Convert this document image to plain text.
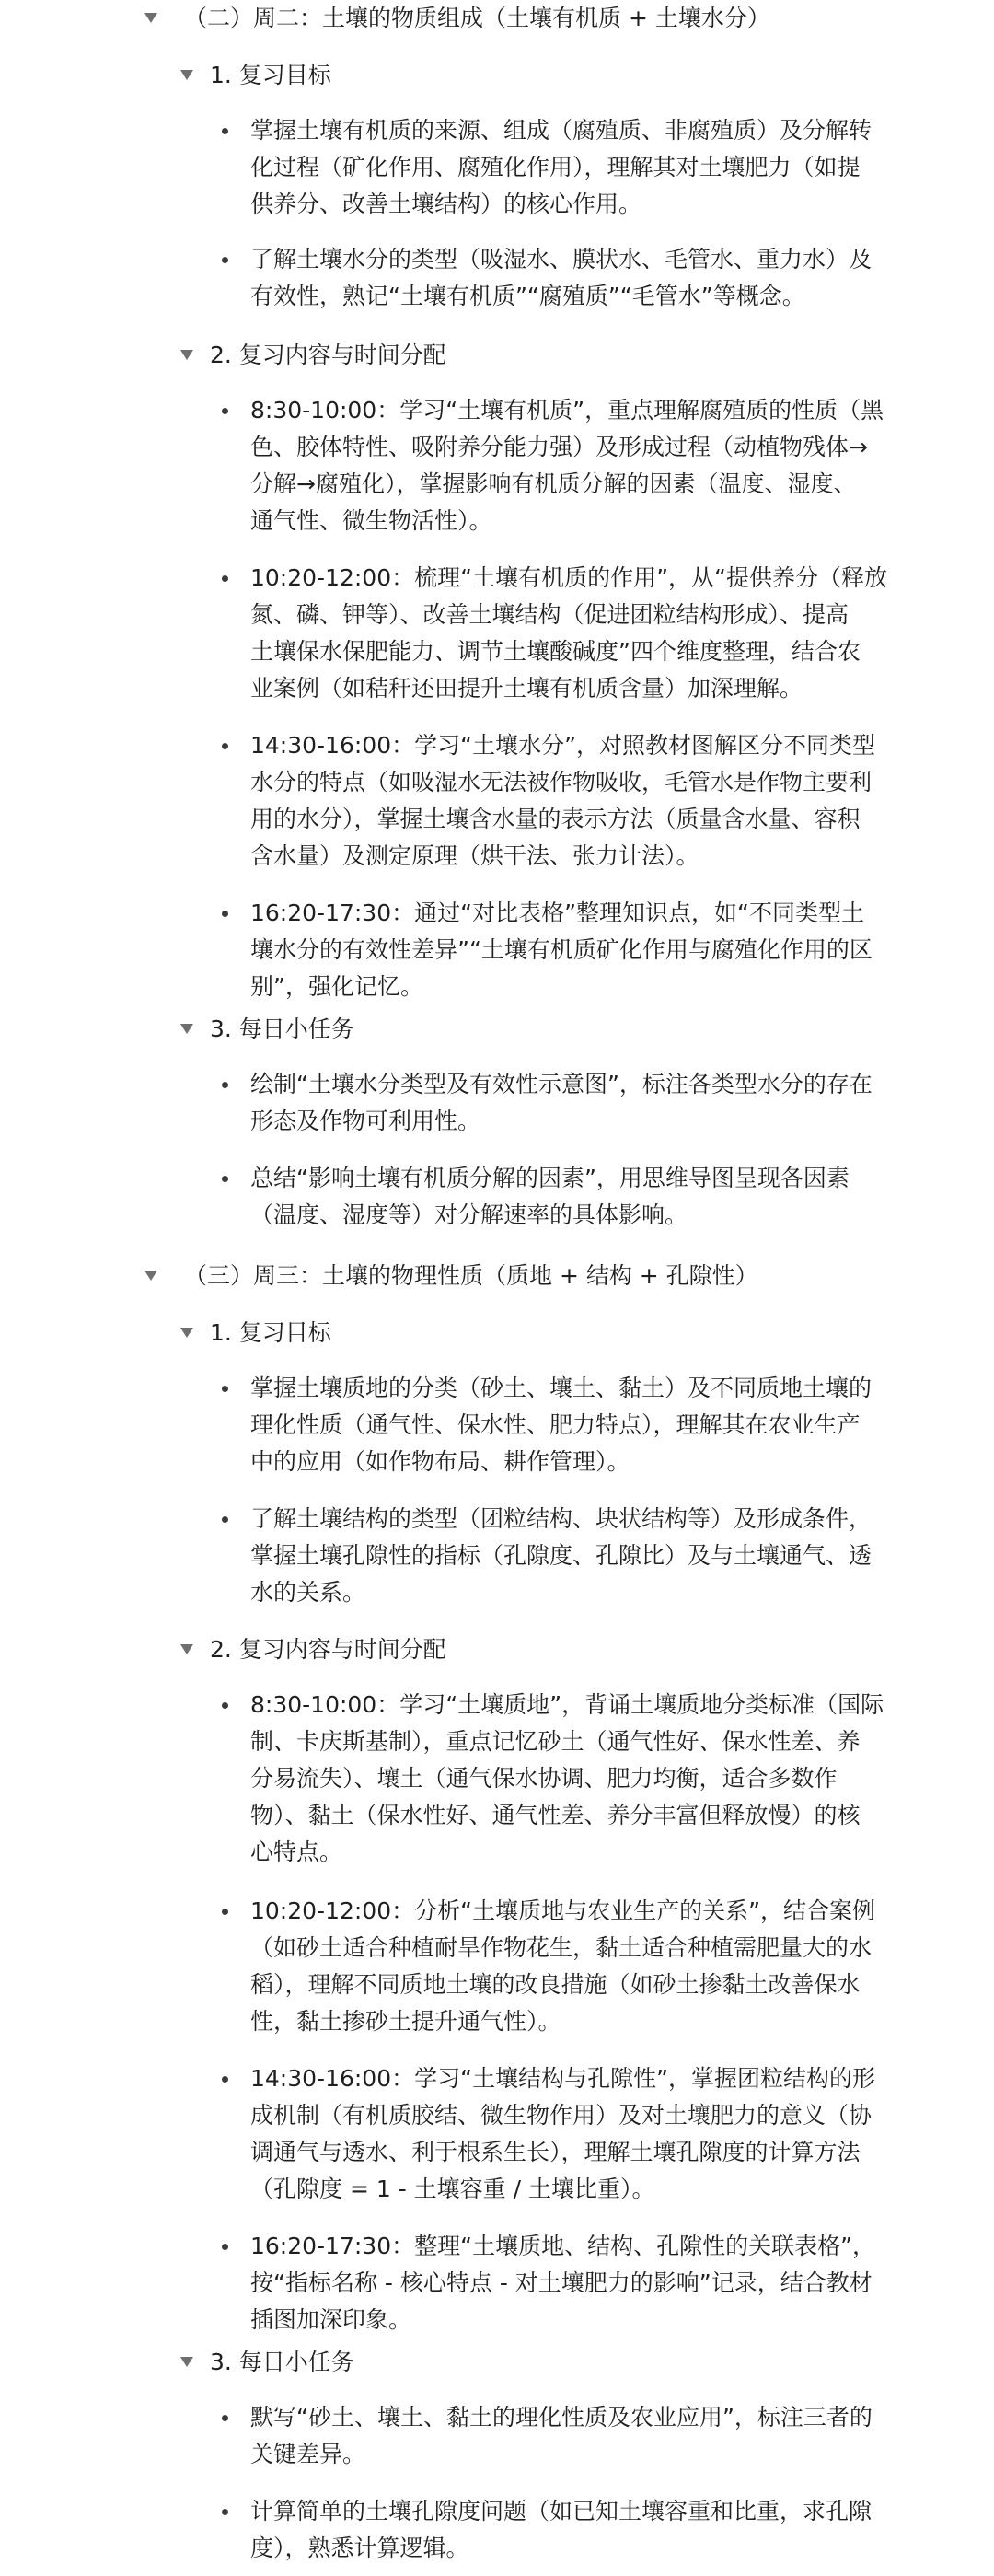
（二）周二：土壤的物质组成（土壤有机质 + 土壤水分）
1. 复习目标
掌握土壤有机质的来源、组成（腐殖质、非腐殖质）及分解转
化过程（矿化作用、腐殖化作用），理解其对土壤肥力（如提
供养分、改善土壤结构）的核心作用。
了解土壤水分的类型（吸湿水、膜状水、毛管水、重力水）及
有效性，熟记“土壤有机质”“腐殖质”“毛管水”等概念。
2. 复习内容与时间分配
8:30-10:00：学习“土壤有机质”，重点理解腐殖质的性质（黑
色、胶体特性、吸附养分能力强）及形成过程（动植物残体→
分解→腐殖化），掌握影响有机质分解的因素（温度、湿度、
通气性、微生物活性）。
10:20-12:00：梳理“土壤有机质的作用”，从“提供养分（释放
氮、磷、钾等）、改善土壤结构（促进团粒结构形成）、提高
土壤保水保肥能力、调节土壤酸碱度”四个维度整理，结合农
业案例（如秸秆还田提升土壤有机质含量）加深理解。
14:30-16:00：学习“土壤水分”，对照教材图解区分不同类型
水分的特点（如吸湿水无法被作物吸收，毛管水是作物主要利
用的水分），掌握土壤含水量的表示方法（质量含水量、容积
含水量）及测定原理（烘干法、张力计法）。
16:20-17:30：通过“对比表格”整理知识点，如“不同类型土
壤水分的有效性差异”“土壤有机质矿化作用与腐殖化作用的区
别”，强化记忆。
3. 每日小任务
绘制“土壤水分类型及有效性示意图”，标注各类型水分的存在
形态及作物可利用性。
总结“影响土壤有机质分解的因素”，用思维导图呈现各因素
（温度、湿度等）对分解速率的具体影响。
（三）周三：土壤的物理性质（质地 + 结构 + 孔隙性）
1. 复习目标
掌握土壤质地的分类（砂土、壤土、黏土）及不同质地土壤的
理化性质（通气性、保水性、肥力特点），理解其在农业生产
中的应用（如作物布局、耕作管理）。
了解土壤结构的类型（团粒结构、块状结构等）及形成条件，
掌握土壤孔隙性的指标（孔隙度、孔隙比）及与土壤通气、透
水的关系。
2. 复习内容与时间分配
8:30-10:00：学习“土壤质地”，背诵土壤质地分类标准（国际
制、卡庆斯基制），重点记忆砂土（通气性好、保水性差、养
分易流失）、壤土（通气保水协调、肥力均衡，适合多数作
物）、黏土（保水性好、通气性差、养分丰富但释放慢）的核
心特点。
10:20-12:00：分析“土壤质地与农业生产的关系”，结合案例
（如砂土适合种植耐旱作物花生，黏土适合种植需肥量大的水
稻），理解不同质地土壤的改良措施（如砂土掺黏土改善保水
性，黏土掺砂土提升通气性）。
14:30-16:00：学习“土壤结构与孔隙性”，掌握团粒结构的形
成机制（有机质胶结、微生物作用）及对土壤肥力的意义（协
调通气与透水、利于根系生长），理解土壤孔隙度的计算方法
（孔隙度 = 1 - 土壤容重 / 土壤比重）。
16:20-17:30：整理“土壤质地、结构、孔隙性的关联表格”，
按“指标名称 - 核心特点 - 对土壤肥力的影响”记录，结合教材
插图加深印象。
3. 每日小任务
默写“砂土、壤土、黏土的理化性质及农业应用”，标注三者的
关键差异。
计算简单的土壤孔隙度问题（如已知土壤容重和比重，求孔隙
度），熟悉计算逻辑。
